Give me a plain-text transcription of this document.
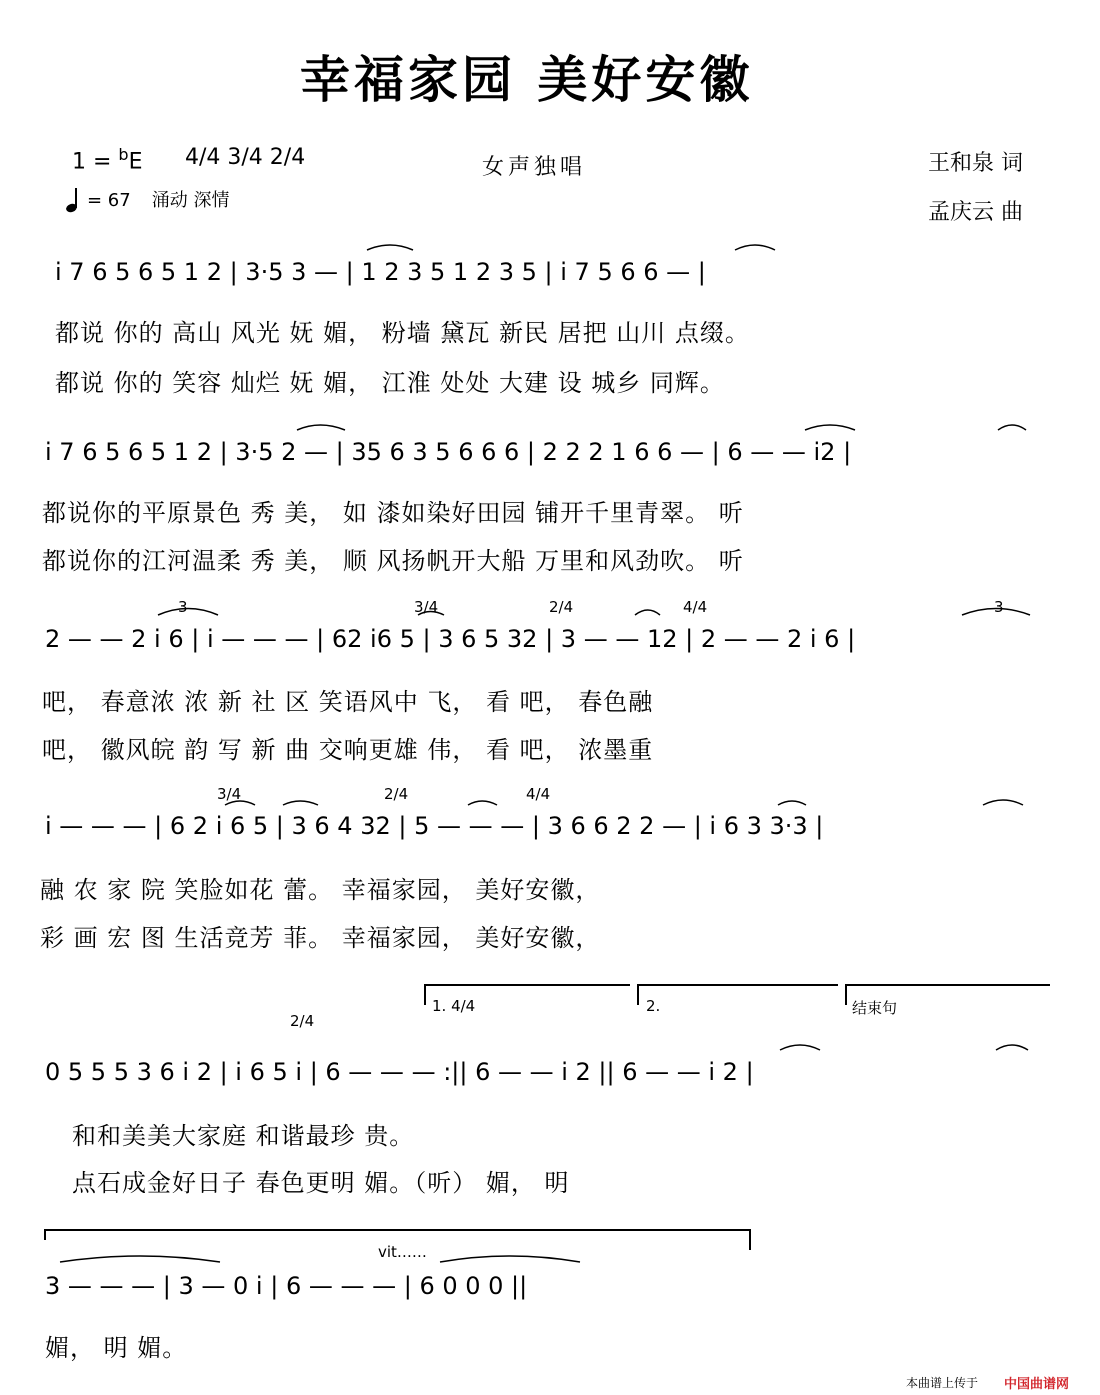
幸福家园 美好安徽
1 = $^b$E 4/4 3/4 2/4
= 67 涌动 深情
女声独唱	王和泉 词
孟庆云 曲
i 7 6 5 6 5 1 2 | 3·5 3 — | 1 2 3 5 1 2 3 5 | i 7 5 6 6 — |
都说 你的 高山 风光 妩 媚， 粉墙 黛瓦 新民 居把 山川 点缀。
都说 你的 笑容 灿烂 妩 媚， 江淮 处处 大建 设 城乡 同辉。
i 7 6 5 6 5 1 2 | 3·5 2 — | 35 6 3 5 6 6 6 | 2 2 2 1 6 6 — | 6 — — i2 |
都说你的平原景色 秀 美， 如 漆如染好田园 铺开千里青翠。 听
都说你的江河温柔 秀 美， 顺 风扬帆开大船 万里和风劲吹。 听
3	3/4	2/4	4/4	3
2 — — 2 i 6 | i — — — | 62 i6 5 | 3 6 5 32 | 3 — — 12 | 2 — — 2 i 6 |
吧， 春意浓 浓 新 社 区 笑语风中 飞， 看 吧， 春色融
吧， 徽风皖 韵 写 新 曲 交响更雄 伟， 看 吧， 浓墨重
3/4	2/4	4/4
i — — — | 6 2 i 6 5 | 3 6 4 32 | 5 — — — | 3 6 6 2 2 — | i 6 3 3·3 |
融 农 家 院 笑脸如花 蕾。 幸福家园， 美好安徽，
彩 画 宏 图 生活竞芳 菲。 幸福家园， 美好安徽，
2/4
1. 4/4	2.	结束句
0 5 5 5 3 6 i 2 | i 6 5 i | 6 — — — :|| 6 — — i 2 || 6 — — i 2 |
和和美美大家庭 和谐最珍 贵。
点石成金好日子 春色更明 媚。（听） 媚， 明
vit……
3 — — — | 3 — 0 i | 6 — — — | 6 0 0 0 ||
媚， 明 媚。
本曲谱上传于 中国曲谱网
